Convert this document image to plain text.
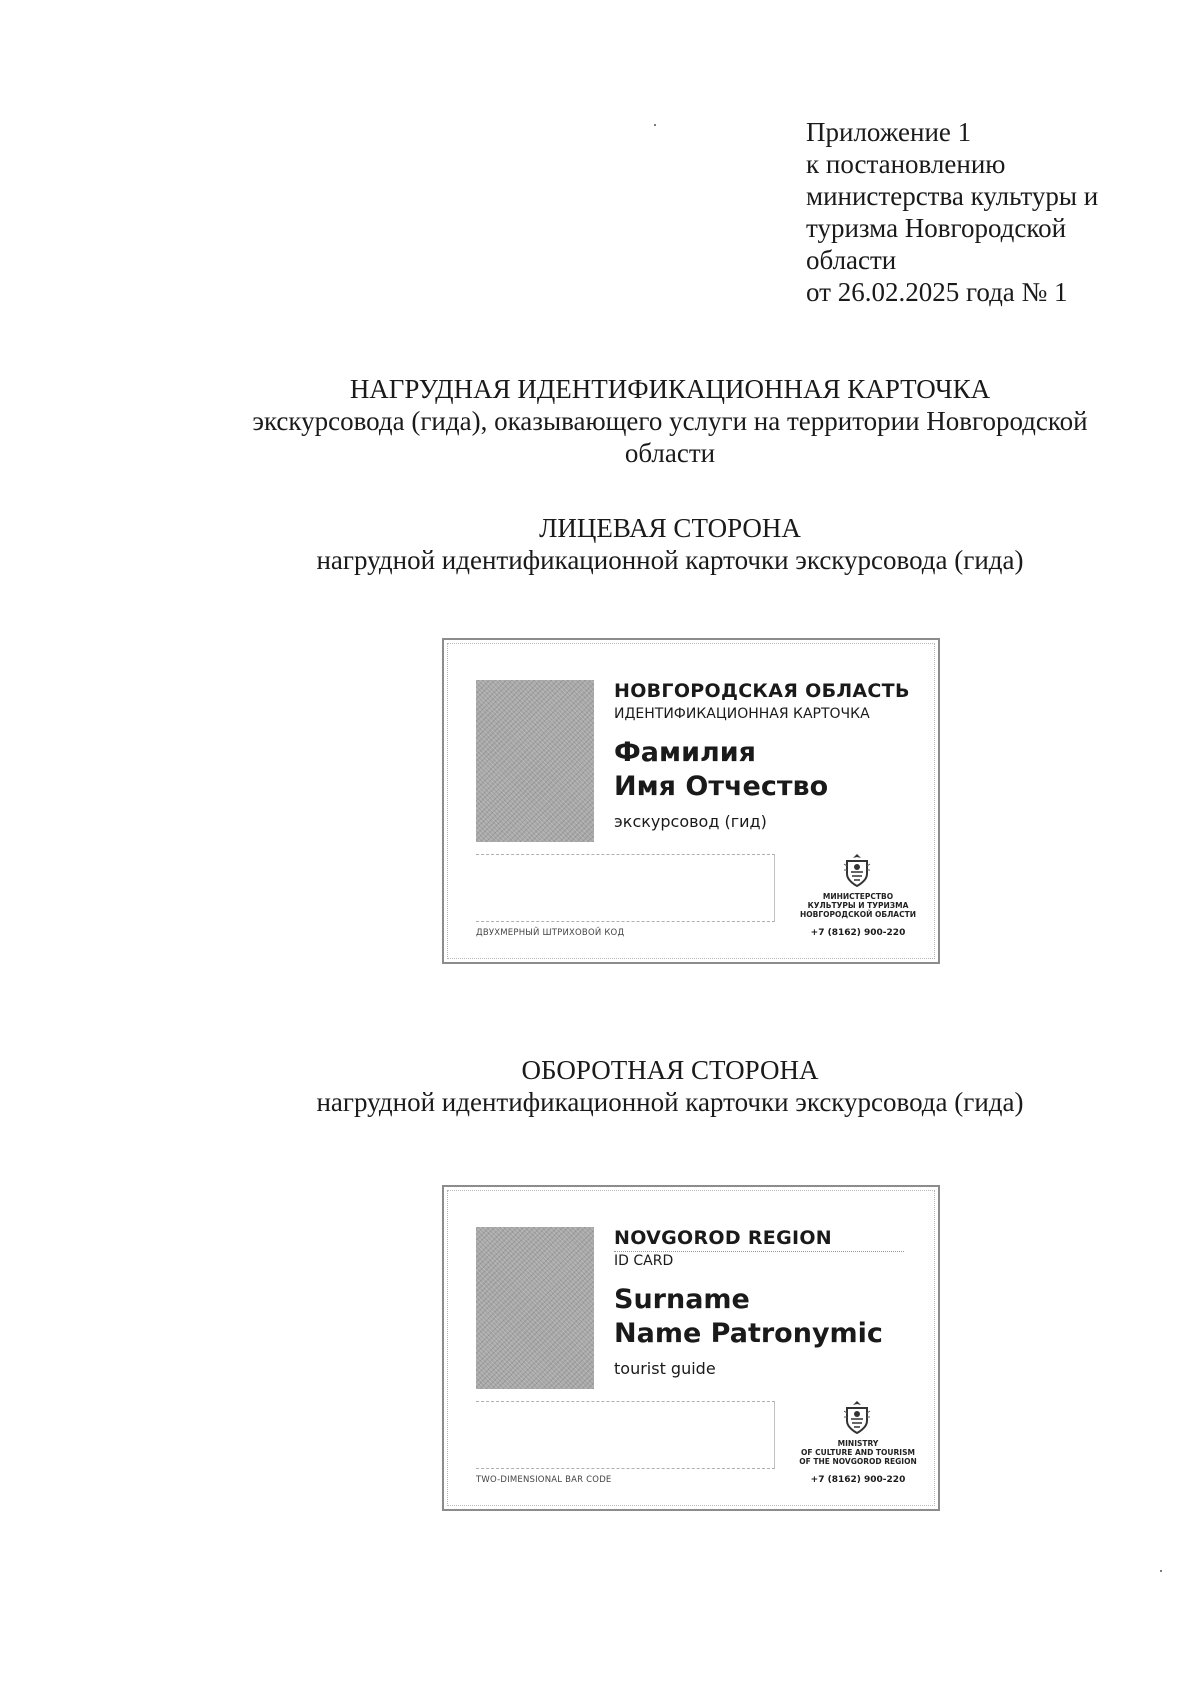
Приложение 1
к постановлению
министерства культуры и
туризма Новгородской
области
от 26.02.2025 года № 1
НАГРУДНАЯ ИДЕНТИФИКАЦИОННАЯ КАРТОЧКА
экскурсовода (гида), оказывающего услуги на территории Новгородской
области
ЛИЦЕВАЯ СТОРОНА
нагрудной идентификационной карточки экскурсовода (гида)
НОВГОРОДСКАЯ ОБЛАСТЬ
ИДЕНТИФИКАЦИОННАЯ КАРТОЧКА
Фамилия
Имя Отчество
экскурсовод (гид)
ДВУХМЕРНЫЙ ШТРИХОВОЙ КОД
МИНИСТЕРСТВО
КУЛЬТУРЫ И ТУРИЗМА
НОВГОРОДСКОЙ ОБЛАСТИ
+7 (8162) 900-220
ОБОРОТНАЯ СТОРОНА
нагрудной идентификационной карточки экскурсовода (гида)
NOVGOROD REGION
ID CARD
Surname
Name Patronymic
tourist guide
TWO-DIMENSIONAL BAR CODE
MINISTRY
OF CULTURE AND TOURISM
OF THE NOVGOROD REGION
+7 (8162) 900-220
